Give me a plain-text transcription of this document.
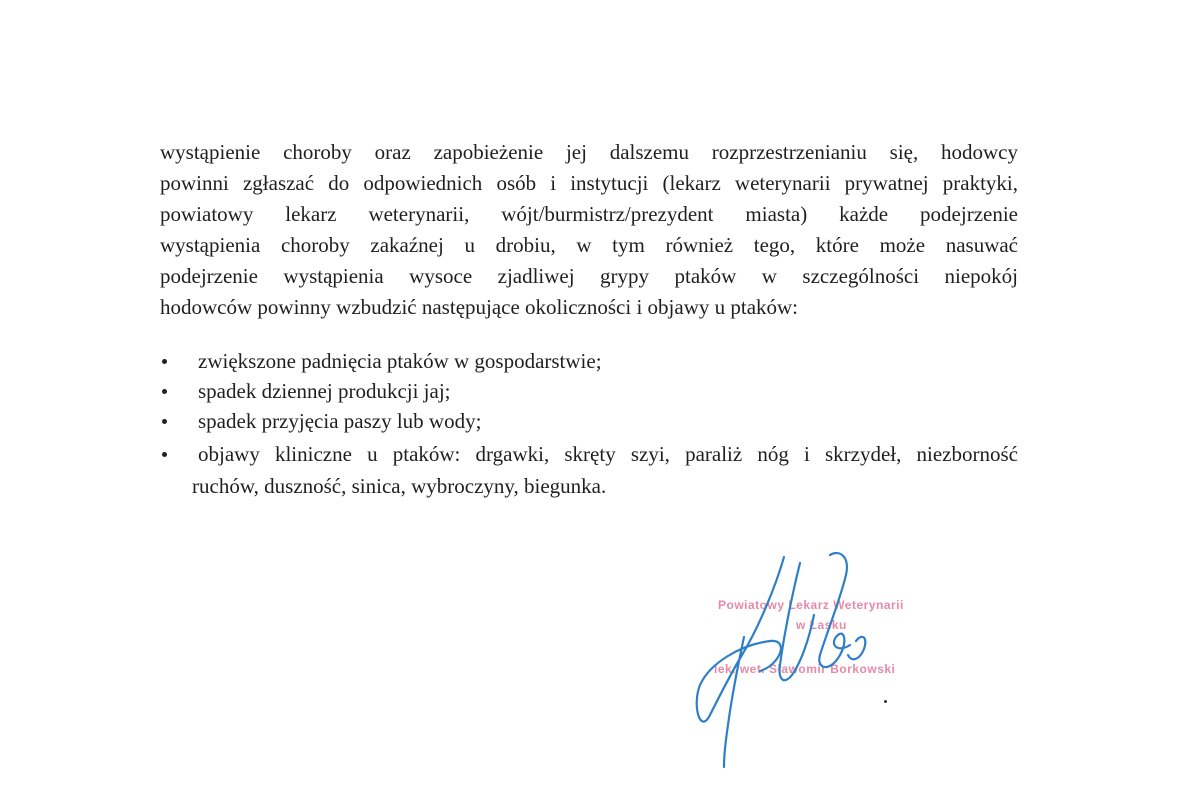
wystąpienie choroby oraz zapobieżenie jej dalszemu rozprzestrzenianiu się, hodowcy
powinni zgłaszać do odpowiednich osób i instytucji (lekarz weterynarii prywatnej praktyki,
powiatowy lekarz weterynarii, wójt/burmistrz/prezydent miasta) każde podejrzenie
wystąpienia choroby zakaźnej u drobiu, w tym również tego, które może nasuwać
podejrzenie wystąpienia wysoce zjadliwej grypy ptaków w szczególności niepokój
hodowców powinny wzbudzić następujące okoliczności i objawy u ptaków:
zwiększone padnięcia ptaków w gospodarstwie;
spadek dziennej produkcji jaj;
spadek przyjęcia paszy lub wody;
objawy kliniczne u ptaków: drgawki, skręty szyi, paraliż nóg i skrzydeł, niezborność
ruchów, duszność, sinica, wybroczyny, biegunka.
Powiatowy Lekarz Weterynarii
w Łasku
lek. wet. Sławomir Borkowski
